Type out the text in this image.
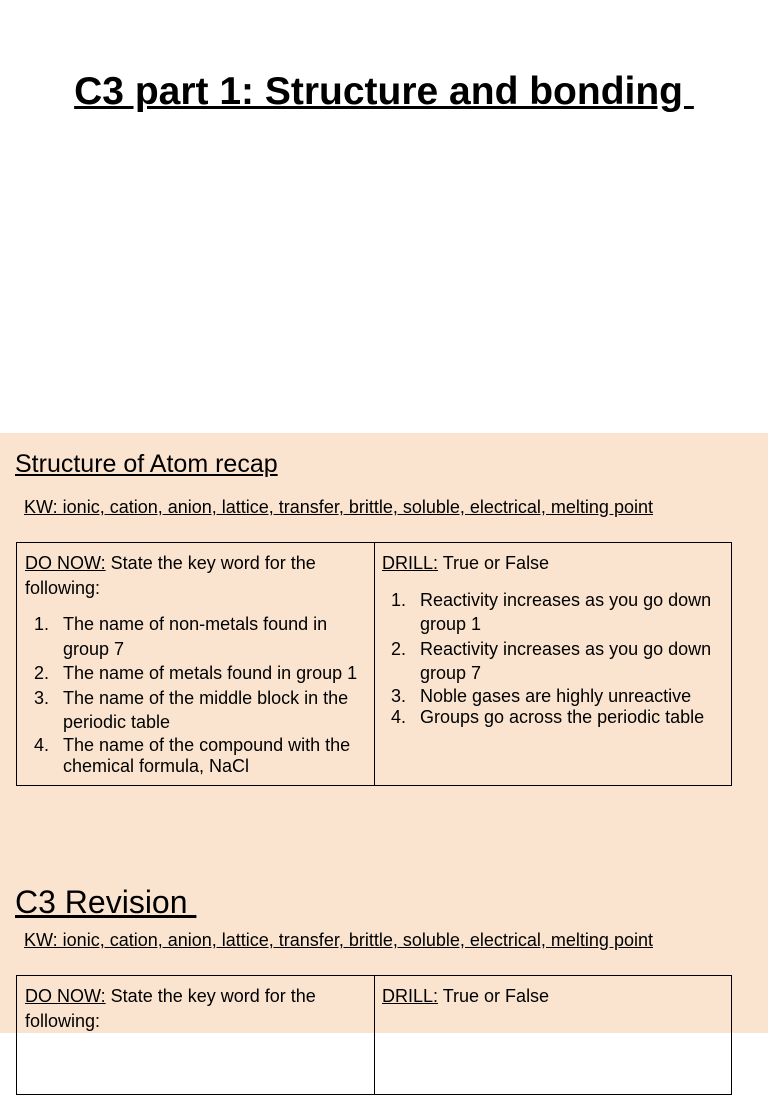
C3 part 1: Structure and bonding
Structure of Atom recap
KW: ionic, cation, anion, lattice, transfer, brittle, soluble, electrical, melting point
DO NOW: State the key word for the following:
1. The name of non-metals found in group 7
2. The name of metals found in group 1
3. The name of the middle block in the periodic table
4. The name of the compound with the chemical formula, NaCl
DRILL: True or False
1. Reactivity increases as you go down group 1
2. Reactivity increases as you go down group 7
3. Noble gases are highly unreactive
4. Groups go across the periodic table
C3 Revision
KW: ionic, cation, anion, lattice, transfer, brittle, soluble, electrical, melting point
DO NOW: State the key word for the following:
DRILL: True or False
